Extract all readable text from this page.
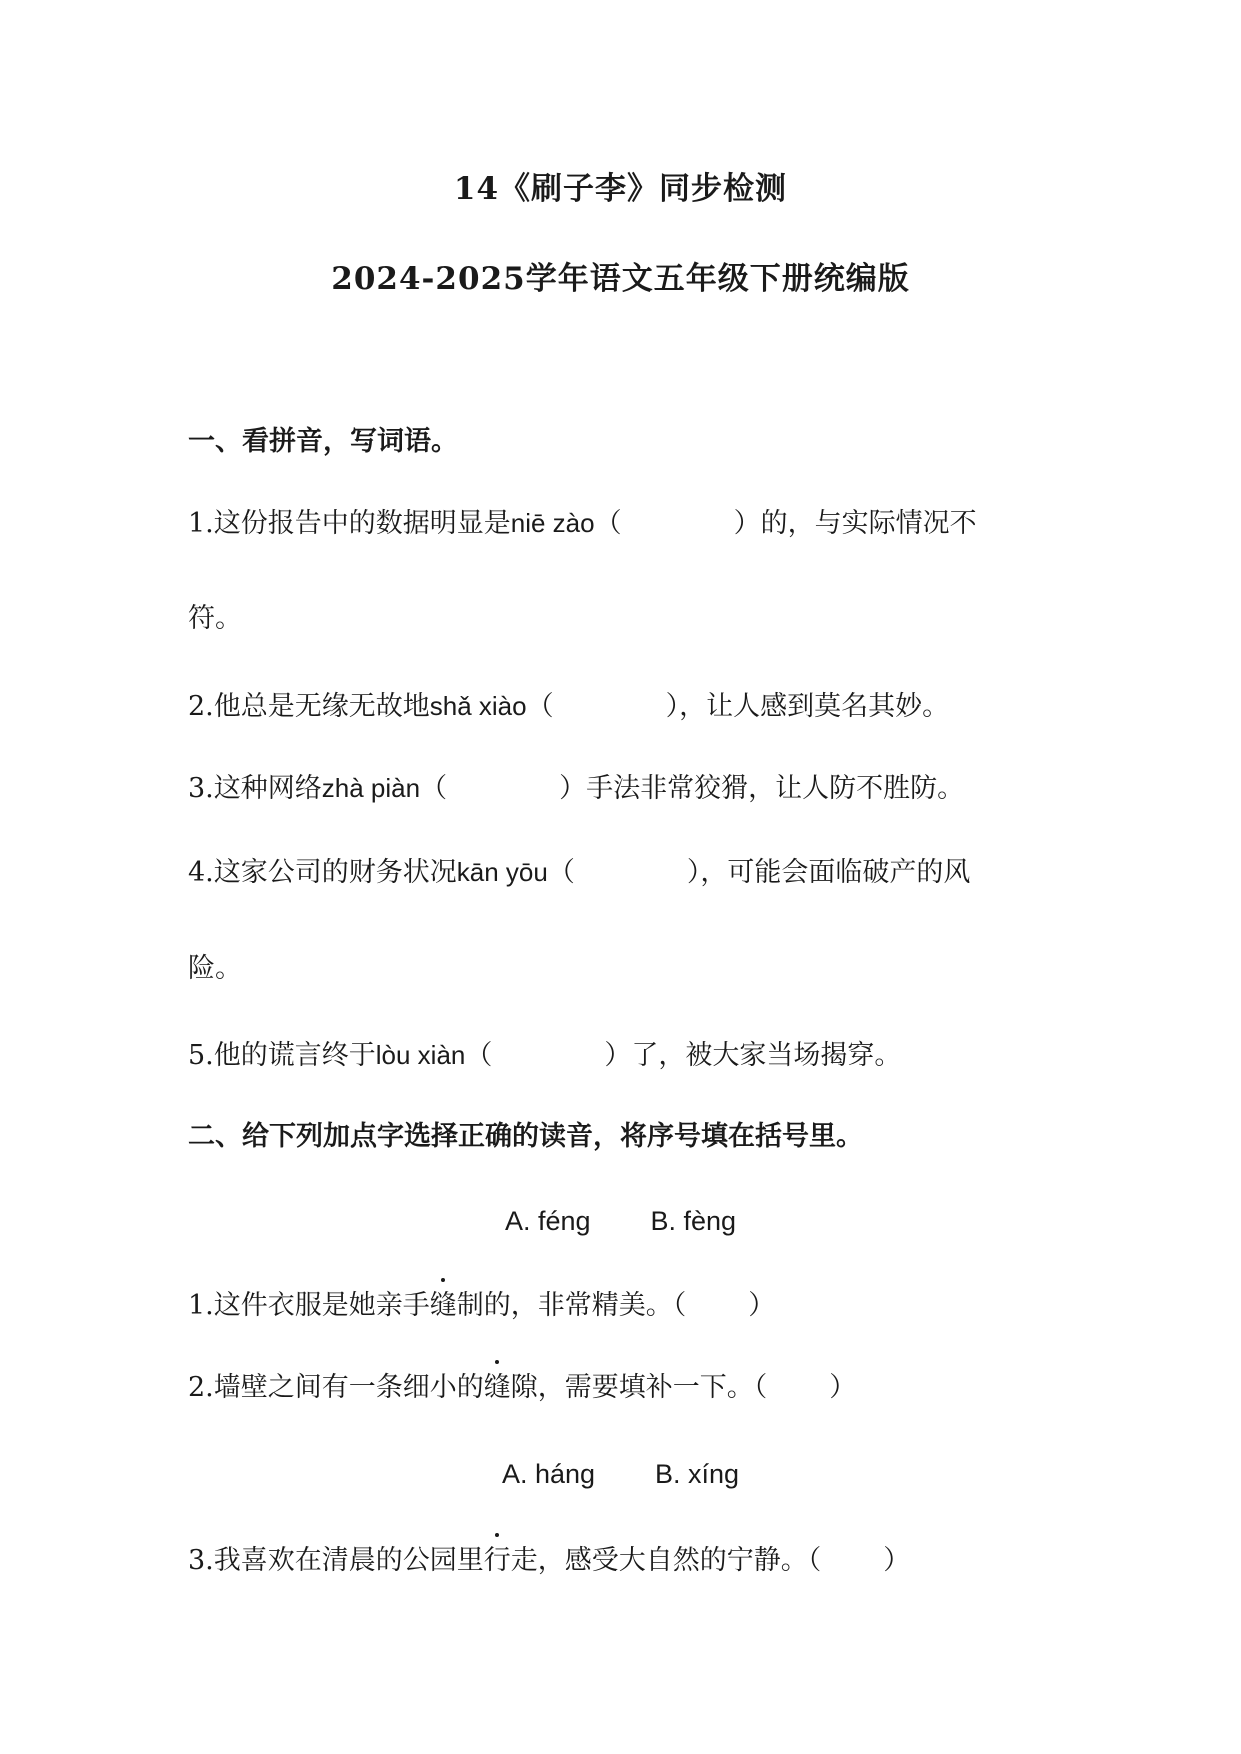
14《刷子李》同步检测
2024-2025学年语文五年级下册统编版
一、看拼音，写词语。
1.这份报告中的数据明显是niē zào（	）的，与实际情况不
符。
2.他总是无缘无故地shǎ xiào（	），让人感到莫名其妙。
3.这种网络zhà piàn（	）手法非常狡猾，让人防不胜防。
4.这家公司的财务状况kān yōu（	），可能会面临破产的风
险。
5.他的谎言终于lòu xiàn（	）了，被大家当场揭穿。
二、给下列加点字选择正确的读音，将序号填在括号里。
A. féng B. fèng
1.这件衣服是她亲手缝制的，非常精美。（ ）
2.墙壁之间有一条细小的缝隙，需要填补一下。（ ）
A. háng B. xíng
3.我喜欢在清晨的公园里行走，感受大自然的宁静。（ ）
